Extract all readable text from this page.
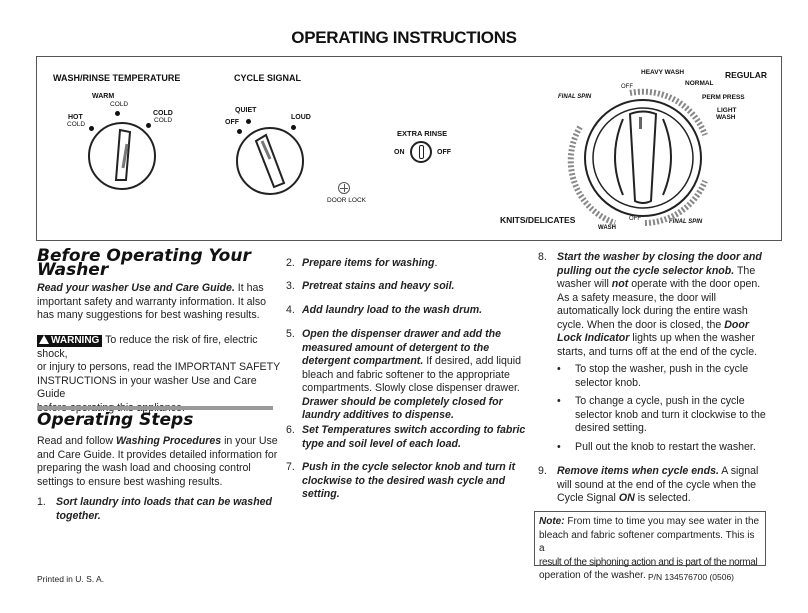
OPERATING INSTRUCTIONS
WASH/RINSE TEMPERATURE
WARM
COLD
HOT
COLD
COLD
COLD
CYCLE SIGNAL
QUIET
OFF
LOUD
EXTRA RINSE
ON	OFF
DOOR LOCK
REGULAR
HEAVY WASH
NORMAL
PERM PRESS
LIGHT
WASH
OFF
FINAL SPIN
KNITS/DELICATES
WASH
OFF	FINAL SPIN
Before Operating Your Washer
Read your washer Use and Care Guide. It has
important safety and warranty information. It also
has many suggestions for best washing results.
WARNING To reduce the risk of fire, electric shock,
or injury to persons, read the IMPORTANT SAFETY
INSTRUCTIONS in your washer Use and Care Guide
Operating Steps
Read and follow Washing Procedures in your Use
and Care Guide. It provides detailed information for
preparing the wash load and choosing control
settings to ensure best washing results.
1. Sort laundry into loads that can be washed
together.
2. Prepare items for washing.
3. Pretreat stains and heavy soil.
4. Add laundry load to the wash drum.
5. Open the dispenser drawer and add the
measured amount of detergent to the
detergent compartment. If desired, add liquid
bleach and fabric softener to the appropriate
compartments. Slowly close dispenser drawer.
Drawer should be completely closed for
laundry additives to dispense.
6. Set Temperatures switch according to fabric
type and soil level of each load.
7. Push in the cycle selector knob and turn it
clockwise to the desired wash cycle and
setting.
8. Start the washer by closing the door and
pulling out the cycle selector knob. The
washer will not operate with the door open.
As a safety measure, the door will
automatically lock during the entire wash
cycle. When the door is closed, the Door
Lock Indicator lights up when the washer
starts, and turns off at the end of the cycle.
• To stop the washer, push in the cycle
selector knob.
• To change a cycle, push in the cycle
selector knob and turn it clockwise to the
desired setting.
• Pull out the knob to restart the washer.
9. Remove items when cycle ends. A signal
will sound at the end of the cycle when the
Cycle Signal ON is selected.
Note: From time to time you may see water in the
bleach and fabric softener compartments. This is a
result of the siphoning action and is part of the normal
operation of the washer.
Printed in U. S. A.	P/N 134576700 (0506)
